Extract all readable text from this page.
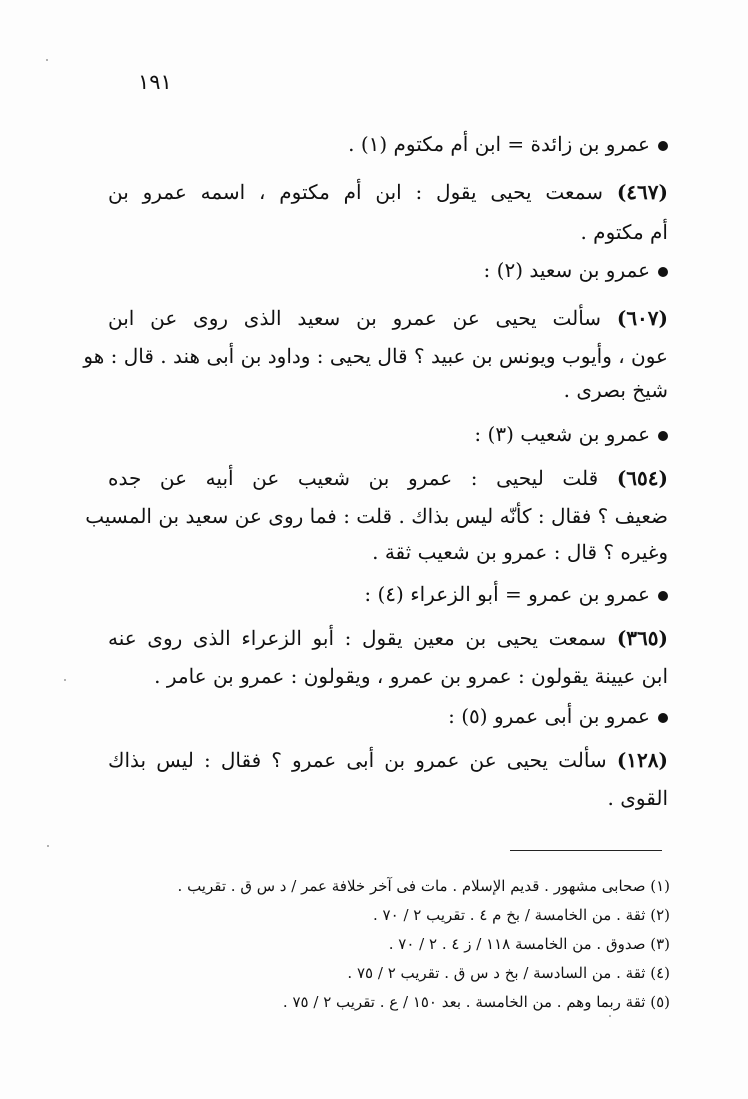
١٩١
عمرو بن زائدة = ابن أم مكتوم (١) .
(٤٦٧) سمعت يحيى يقول : ابن أم مكتوم ، اسمه عمرو بن
أم مكتوم .
عمرو بن سعيد (٢) :
(٦٠٧) سألت يحيى عن عمرو بن سعيد الذى روى عن ابن
عون ، وأيوب ويونس بن عبيد ؟ قال يحيى : وداود بن أبى هند . قال : هو
شيخ بصرى .
عمرو بن شعيب (٣) :
(٦٥٤) قلت ليحيى : عمرو بن شعيب عن أبيه عن جده
ضعيف ؟ فقال : كأنّه ليس بذاك . قلت : فما روى عن سعيد بن المسيب
وغيره ؟ قال : عمرو بن شعيب ثقة .
عمرو بن عمرو = أبو الزعراء (٤) :
(٣٦٥) سمعت يحيى بن معين يقول : أبو الزعراء الذى روى عنه
ابن عيينة يقولون : عمرو بن عمرو ، ويقولون : عمرو بن عامر .
عمرو بن أبى عمرو (٥) :
(١٢٨) سألت يحيى عن عمرو بن أبى عمرو ؟ فقال : ليس بذاك
القوى .
(١) صحابى مشهور . قديم الإسلام . مات فى آخر خلافة عمر / د س ق . تقريب .
(٢) ثقة . من الخامسة / بخ م ٤ . تقريب ٢ / ٧٠ .
(٣) صدوق . من الخامسة ١١٨ / ز ٤ . ٢ / ٧٠ .
(٤) ثقة . من السادسة / بخ د س ق . تقريب ٢ / ٧٥ .
(٥) ثقة ربما وهم . من الخامسة . بعد ١٥٠ / ع . تقريب ٢ / ٧٥ .
